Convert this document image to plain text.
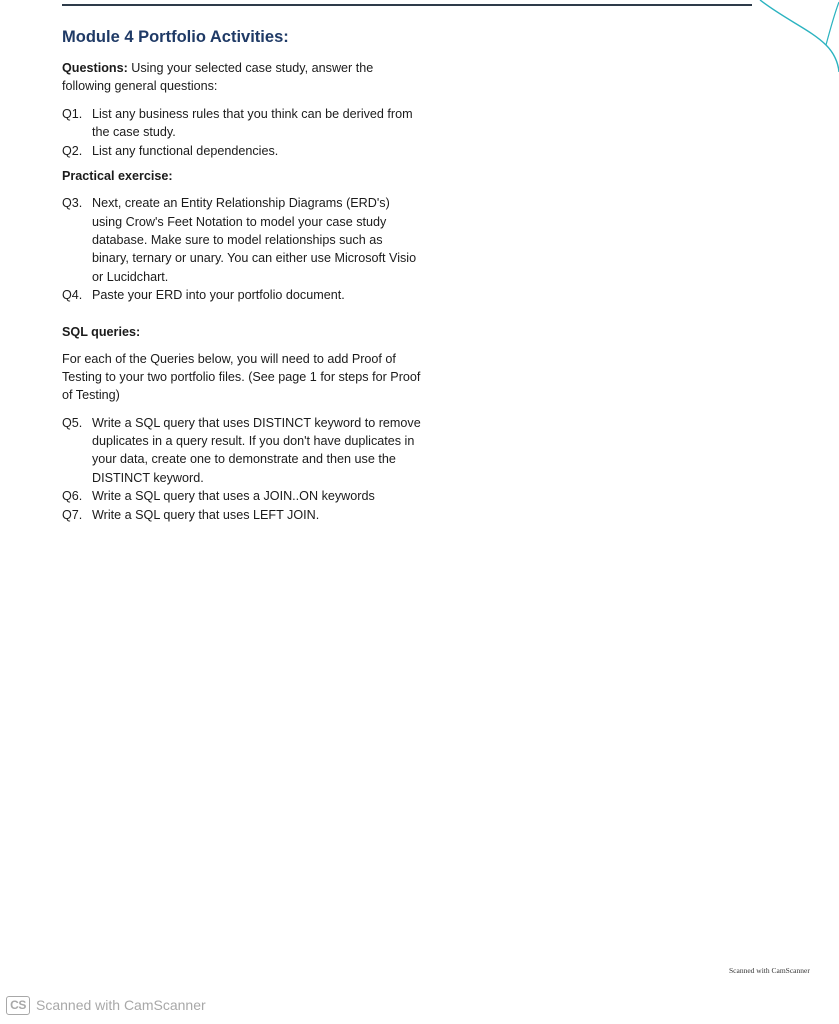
Module 4 Portfolio Activities:

Questions: Using your selected case study, answer the following general questions:

Q1. List any business rules that you think can be derived from the case study.
Q2. List any functional dependencies.
Practical exercise:
Q3. Next, create an Entity Relationship Diagrams (ERD's) using Crow's Feet Notation to model your case study database. Make sure to model relationships such as binary, ternary or unary. You can either use Microsoft Visio or Lucidchart.
Q4. Paste your ERD into your portfolio document.
SQL queries:

For each of the Queries below, you will need to add Proof of Testing to your two portfolio files. (See page 1 for steps for Proof of Testing)

Q5. Write a SQL query that uses DISTINCT keyword to remove duplicates in a query result. If you don't have duplicates in your data, create one to demonstrate and then use the DISTINCT keyword.
Q6. Write a SQL query that uses a JOIN..ON keywords
Q7. Write a SQL query that uses LEFT JOIN.
Scanned with CamScanner
CS Scanned with CamScanner
